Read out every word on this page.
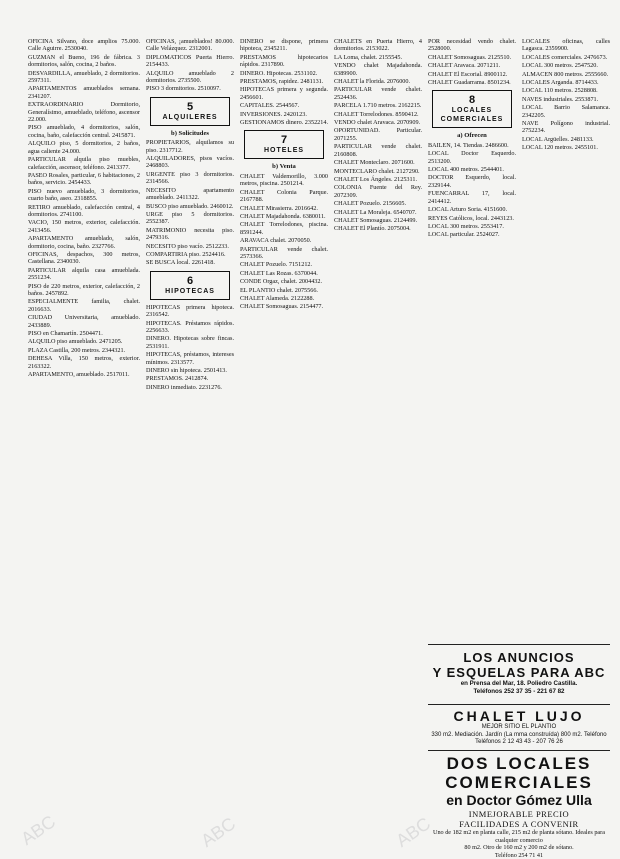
OFICINA Silvano, doce amplios 75.000. Calle Aguirre. 2530040.

GUZMAN el Bueno, 196 de fábrica. 3 dormitorios, salón, cocina, 2 baños.

DESVARDILLA, amueblado, 2 dormitorios. 2597311.

APARTAMENTOS amueblados semana. 2341207.

EXTRAORDINARIO Dormitorio, Generalísimo, amueblado, teléfono, ascensor 22.000.

PISO amueblado, 4 dormitorios, salón, cocina, baño, calefacción central. 2415871.

ALQUILO piso, 5 dormitorios, 2 baños, agua caliente 24.000.

PARTICULAR alquila piso muebles, calefacción, ascensor, teléfono. 2413377.

PASEO Rosales, particular, 6 habitaciones, 2 baños, servicio. 2454433.

PISO nuevo amueblado, 3 dormitorios, cuarto baño, aseo. 2318855.

RETIRO amueblado, calefacción central, 4 dormitorios. 2741100.

VACIO, 150 metros, exterior, calefacción. 2413456.

APARTAMENTO amueblado, salón, dormitorio, cocina, baño. 2327766.

OFICINAS, despachos, 300 metros, Castellana. 2340030.

PARTICULAR alquila casa amueblada. 2551234.

PISO de 220 metros, exterior, calefacción, 2 baños. 2457892.

ESPECIALMENTE familia, chalet. 2016633.

CIUDAD Universitaria, amueblado. 2433889.

PISO en Chamartín. 2504471.

ALQUILO piso amueblado. 2471205.

PLAZA Castilla, 200 metros. 2344321.

DEHESA Villa, 150 metros, exterior. 2163322.

APARTAMENTO, amueblado. 2517011.

OFICINAS, ¡amueblados! 80.000. Calle Velázquez. 2312001.

DIPLOMATICOS Puerta Hierro. 2154433.

ALQUILO amueblado 2 dormitorios. 2735500.

PISO 3 dormitorios. 2510097.

5
ALQUILERES
b) Solicitudes

PROPIETARIOS, alquilamos su piso. 2317712.

ALQUILADORES, pisos vacíos. 2468803.

URGENTE piso 3 dormitorios. 2314566.

NECESITO apartamento amueblado. 2411322.

BUSCO piso amueblado. 2460012.

URGE piso 5 dormitorios. 2552387.

MATRIMONIO necesita piso. 2479316.

NECESITO piso vacío. 2512233.

COMPARTIRIA piso. 2524416.

SE BUSCA local. 2261418.

6
HIPOTECAS

HIPOTECAS primera hipoteca. 2316542.

HIPOTECAS. Préstamos rápidos. 2256633.

DINERO. Hipotecas sobre fincas. 2531911.

HIPOTECAS, préstamos, intereses mínimos. 2313577.

DINERO sin hipoteca. 2501413.

PRESTAMOS. 2412874.

DINERO inmediato. 2231276.

DINERO se dispone, primera hipoteca, 2345211.

PRESTAMOS hipotecarios rápidos. 2317890.

DINERO. Hipotecas. 2531102.

PRESTAMOS, rapidez. 2481131.

HIPOTECAS primera y segunda. 2456601.

CAPITALES. 2544567.

INVERSIONES. 2420123.

GESTIONAMOS dinero. 2352214.

7
HOTELES
b) Venta

CHALET Valdemorillo, 3.000 metros, piscina. 2501214.

CHALET Colonia Parque. 2167788.

CHALET Mirasierra. 2016642.

CHALET Majadahonda. 6380011.

CHALET Torrelodones, piscina. 8591244.

ARAVACA chalet. 2070050.

PARTICULAR vende chalet. 2573366.

CHALET Pozuelo. 7151212.

CHALET Las Rozas. 6370044.

CONDE Orgaz, chalet. 2004432.

EL PLANTIO chalet. 2075566.

CHALET Alameda. 2122288.

CHALET Somosaguas. 2154477.

CHALETS en Puerta Hierro, 4 dormitorios. 2153022.

LA Loma, chalet. 2155545.

VENDO chalet Majadahonda. 6389900.

CHALET la Florida. 2076000.

PARTICULAR vende chalet. 2524436.

PARCELA 1.710 metros. 2162215.

CHALET Torrelodones. 8590412.

VENDO chalet Aravaca. 2070909.

OPORTUNIDAD. Particular. 2071255.

PARTICULAR vende chalet. 2160808.

CHALET Monteclaro. 2071600.

MONTECLARO chalet. 2127290.

CHALET Los Ángeles. 2125311.

COLONIA Fuente del Rey. 2072309.

CHALET Pozuelo. 2156605.

CHALET La Moraleja. 6540707.

CHALET Somosaguas. 2124499.

CHALET El Plantío. 2075004.

POR necesidad vendo chalet. 2528000.

CHALET Somosaguas. 2125510.

CHALET Aravaca. 2071211.

CHALET El Escorial. 8900112.

CHALET Guadarrama. 8501234.

8
LOCALES COMERCIALES
a) Ofrecen

BAILEN, 14. Tiendas. 2486600.

LOCAL Doctor Esquerdo. 2513200.

LOCAL 400 metros. 2544401.

DOCTOR Esquerdo, local. 2329144.

FUENCARRAL 17, local. 2414412.

LOCAL Arturo Soria. 4151600.

REYES Católicos, local. 2443123.

LOCAL 300 metros. 2553417.

LOCAL particular. 2524027.

LOCALES oficinas, calles Lagasca. 2359900.

LOCALES comerciales. 2476673.

LOCAL 300 metros. 2547520.

ALMACEN 800 metros. 2555660.

LOCALES Arganda. 8714433.

LOCAL 110 metros. 2528808.

NAVES industriales. 2553871.

LOCAL Barrio Salamanca. 2342205.

NAVE Polígono industrial. 2752234.

LOCAL Argüelles. 2481133.

LOCAL 120 metros. 2455101.

LOS ANUNCIOS
Y ESQUELAS PARA ABC
en Prensa del Mar, 18. Poliedro Castilla.
Teléfonos 252 37 35 - 221 67 82
CHALET LUJO
MEJOR SITIO EL PLANTIO
330 m2. Mediación. Jardín (La mma construída) 800 m2. Teléfono
Teléfonos 2 12 43 43 - 207 76 26
DOS LOCALES
COMERCIALES
en Doctor Gómez Ulla
INMEJORABLE PRECIO
FACILIDADES A CONVENIR
Uno de 182 m2 en planta calle, 215 m2 de planta sótano. Ideales para cualquier comercio
80 m2. Otro de 160 m2 y 200 m2 de sótano.
Teléfono 254 71 41
ABC	ABC	ABC
